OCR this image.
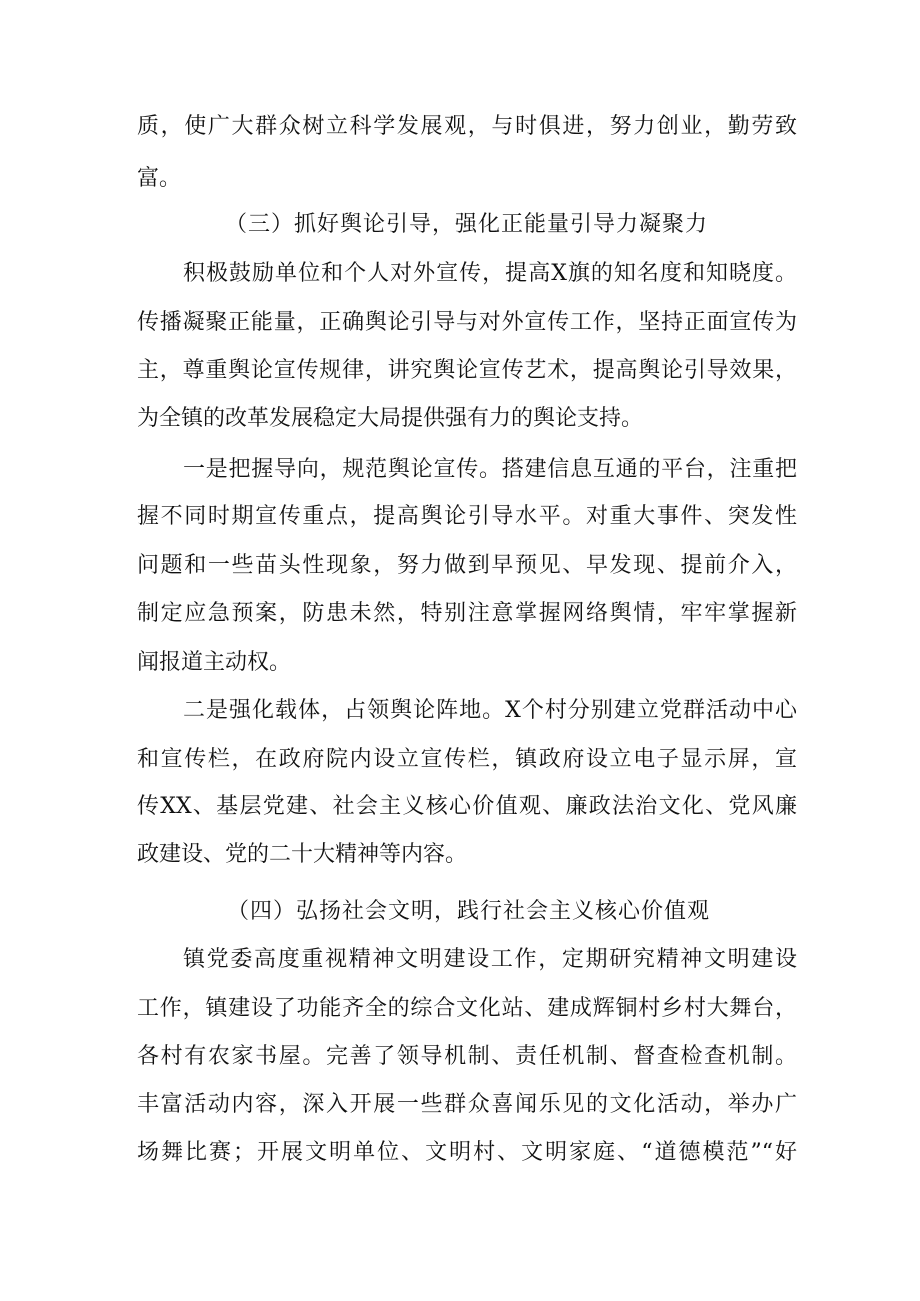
质，使广大群众树立科学发展观，与时俱进，努力创业，勤劳致
富。
（三）抓好舆论引导，强化正能量引导力凝聚力
积极鼓励单位和个人对外宣传，提高X旗的知名度和知晓度。
传播凝聚正能量，正确舆论引导与对外宣传工作，坚持正面宣传为
主，尊重舆论宣传规律，讲究舆论宣传艺术，提高舆论引导效果，
为全镇的改革发展稳定大局提供强有力的舆论支持。
一是把握导向，规范舆论宣传。搭建信息互通的平台，注重把
握不同时期宣传重点，提高舆论引导水平。对重大事件、突发性
问题和一些苗头性现象，努力做到早预见、早发现、提前介入，
制定应急预案，防患未然，特别注意掌握网络舆情，牢牢掌握新
闻报道主动权。
二是强化载体，占领舆论阵地。X个村分别建立党群活动中心
和宣传栏，在政府院内设立宣传栏，镇政府设立电子显示屏，宣
传XX、基层党建、社会主义核心价值观、廉政法治文化、党风廉
政建设、党的二十大精神等内容。
（四）弘扬社会文明，践行社会主义核心价值观
镇党委高度重视精神文明建设工作，定期研究精神文明建设
工作，镇建设了功能齐全的综合文化站、建成辉铜村乡村大舞台，
各村有农家书屋。完善了领导机制、责任机制、督查检查机制。
丰富活动内容，深入开展一些群众喜闻乐见的文化活动，举办广
场舞比赛；开展文明单位、文明村、文明家庭、“道德模范”“好
